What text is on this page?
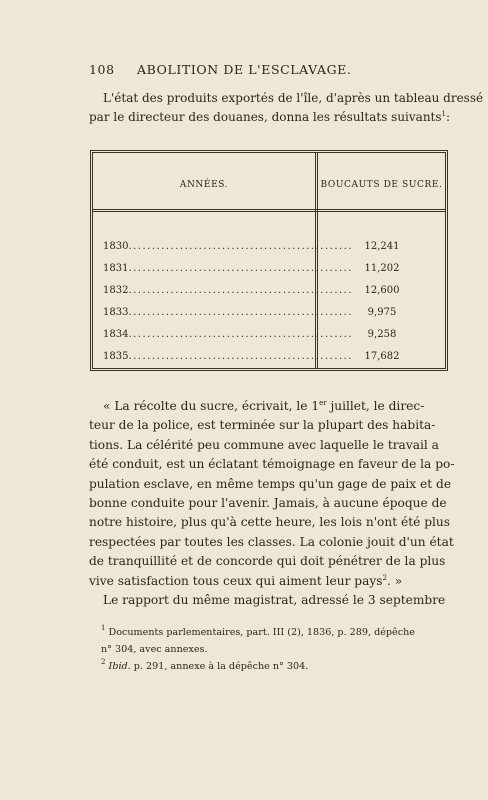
108 ABOLITION DE L'ESCLAVAGE.
L'état des produits exportés de l'île, d'après un tableau dressé
par le directeur des douanes, donna les résultats suivants$^1$:
ANNÉES.	BOUCAUTS DE SUCRE.
1830................................................	12,241
1831................................................	11,202
1832................................................	12,600
1833................................................	9,975
1834................................................	9,258
1835................................................	17,682
« La récolte du sucre, écrivait, le 1er juillet, le direc-
teur de la police, est terminée sur la plupart des habita-
tions. La célérité peu commune avec laquelle le travail a
été conduit, est un éclatant témoignage en faveur de la po-
pulation esclave, en même temps qu'un gage de paix et de
bonne conduite pour l'avenir. Jamais, à aucune époque de
notre histoire, plus qu'à cette heure, les lois n'ont été plus
respectées par toutes les classes. La colonie jouit d'un état
de tranquillité et de concorde qui doit pénétrer de la plus
vive satisfaction tous ceux qui aiment leur pays$^2$. »
Le rapport du même magistrat, adressé le 3 septembre
$^1$ Documents parlementaires, part. III (2), 1836, p. 289, dépêche
n° 304, avec annexes.
$^2$ Ibid. p. 291, annexe à la dépêche n° 304.
